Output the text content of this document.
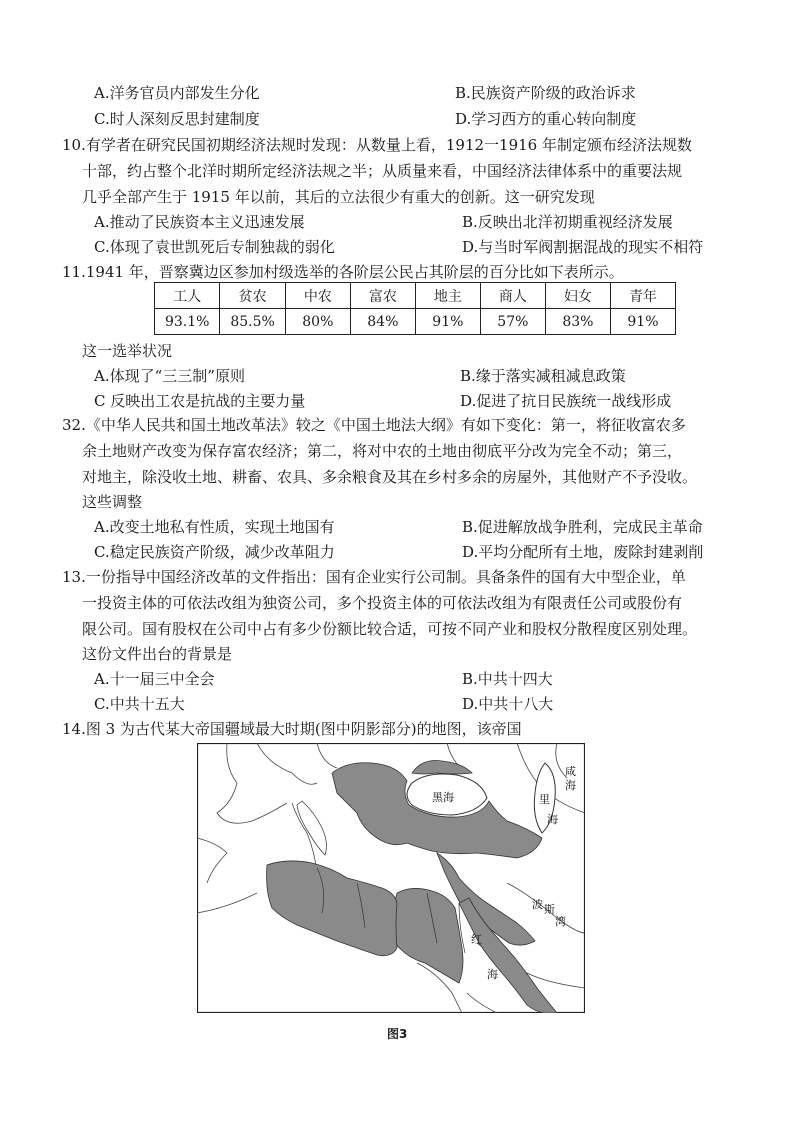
A.洋务官员内部发生分化	B.民族资产阶级的政治诉求
C.时人深刻反思封建制度	D.学习西方的重心转向制度
10.有学者在研究民国初期经济法规时发现：从数量上看，1912一1916 年制定颁布经济法规数
十部，约占整个北洋时期所定经济法规之半；从质量来看，中国经济法律体系中的重要法规
几乎全部产生于 1915 年以前，其后的立法很少有重大的创新。这一研究发现
A.推动了民族资本主义迅速发展	B.反映出北洋初期重视经济发展
C.体现了袁世凯死后专制独裁的弱化	D.与当时军阀割据混战的现实不相符
11.1941 年，晋察冀边区参加村级选举的各阶层公民占其阶层的百分比如下表所示。
工人	贫农	中农	富农	地主	商人	妇女	青年
93.1%	85.5%	80%	84%	91%	57%	83%	91%
这一选举状况
A.体现了“三三制”原则	B.缘于落实减租减息政策
C 反映出工农是抗战的主要力量	D.促进了抗日民族统一战线形成
32.《中华人民共和国土地改革法》较之《中国土地法大纲》有如下变化：第一，将征收富农多
余土地财产改变为保存富农经济；第二，将对中农的土地由彻底平分改为完全不动；第三，
对地主，除没收土地、耕畜、农具、多余粮食及其在乡村多余的房屋外，其他财产不予没收。
这些调整
A.改变土地私有性质，实现土地国有	B.促进解放战争胜利，完成民主革命
C.稳定民族资产阶级，减少改革阻力	D.平均分配所有土地，废除封建剥削
13.一份指导中国经济改革的文件指出：国有企业实行公司制。具备条件的国有大中型企业，单
一投资主体的可依法改组为独资公司，多个投资主体的可依法改组为有限责任公司或股份有
限公司。国有股权在公司中占有多少份额比较合适，可按不同产业和股权分散程度区别处理。
这份文件出台的背景是
A.十一届三中全会	B.中共十四大
C.中共十五大	D.中共十八大
14.图 3 为古代某大帝国疆域最大时期(图中阴影部分)的地图，该帝国
黑海
咸
海
里
海
波 斯
湾
红
海
图3
